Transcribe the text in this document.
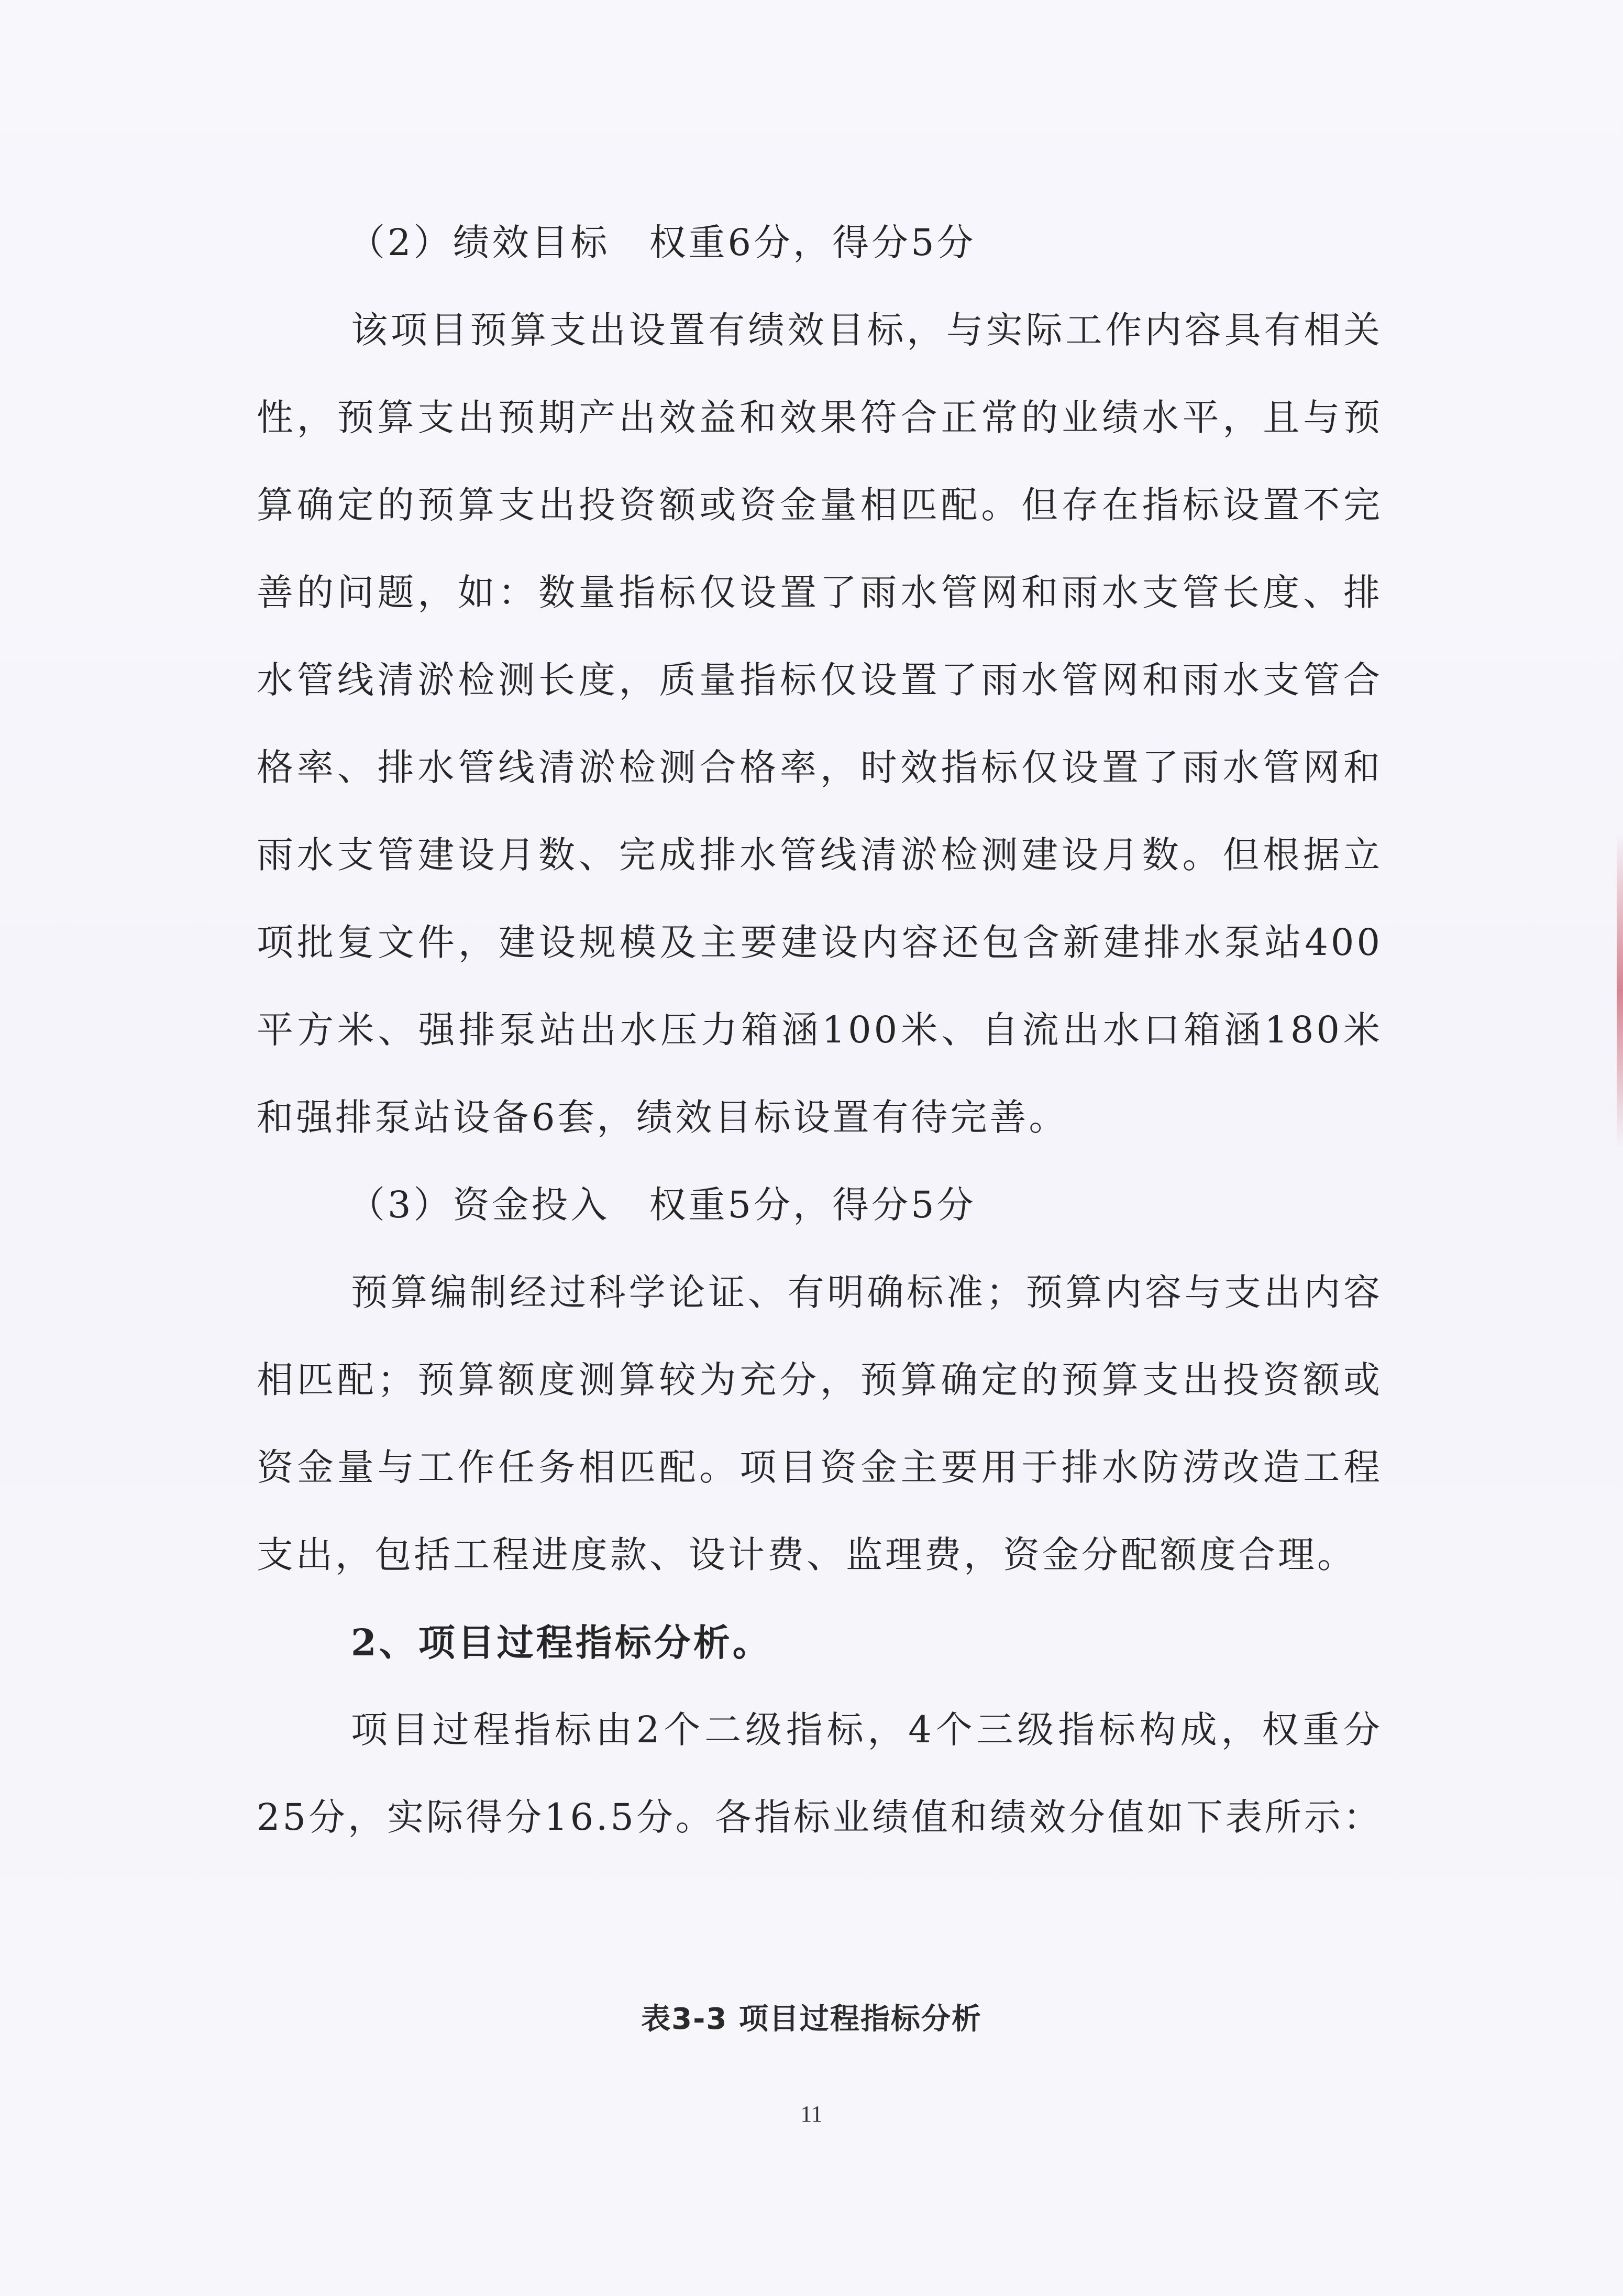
（2）绩效目标　权重6分，得分5分

该项目预算支出设置有绩效目标，与实际工作内容具有相关性，预算支出预期产出效益和效果符合正常的业绩水平，且与预算确定的预算支出投资额或资金量相匹配。但存在指标设置不完善的问题，如：数量指标仅设置了雨水管网和雨水支管长度、排水管线清淤检测长度，质量指标仅设置了雨水管网和雨水支管合格率、排水管线清淤检测合格率，时效指标仅设置了雨水管网和雨水支管建设月数、完成排水管线清淤检测建设月数。但根据立项批复文件，建设规模及主要建设内容还包含新建排水泵站400平方米、强排泵站出水压力箱涵100米、自流出水口箱涵180米和强排泵站设备6套，绩效目标设置有待完善。

（3）资金投入　权重5分，得分5分

预算编制经过科学论证、有明确标准；预算内容与支出内容相匹配；预算额度测算较为充分，预算确定的预算支出投资额或资金量与工作任务相匹配。项目资金主要用于排水防涝改造工程支出，包括工程进度款、设计费、监理费，资金分配额度合理。

2、项目过程指标分析。

项目过程指标由2个二级指标，4个三级指标构成，权重分25分，实际得分16.5分。各指标业绩值和绩效分值如下表所示：

表3-3 项目过程指标分析
11
